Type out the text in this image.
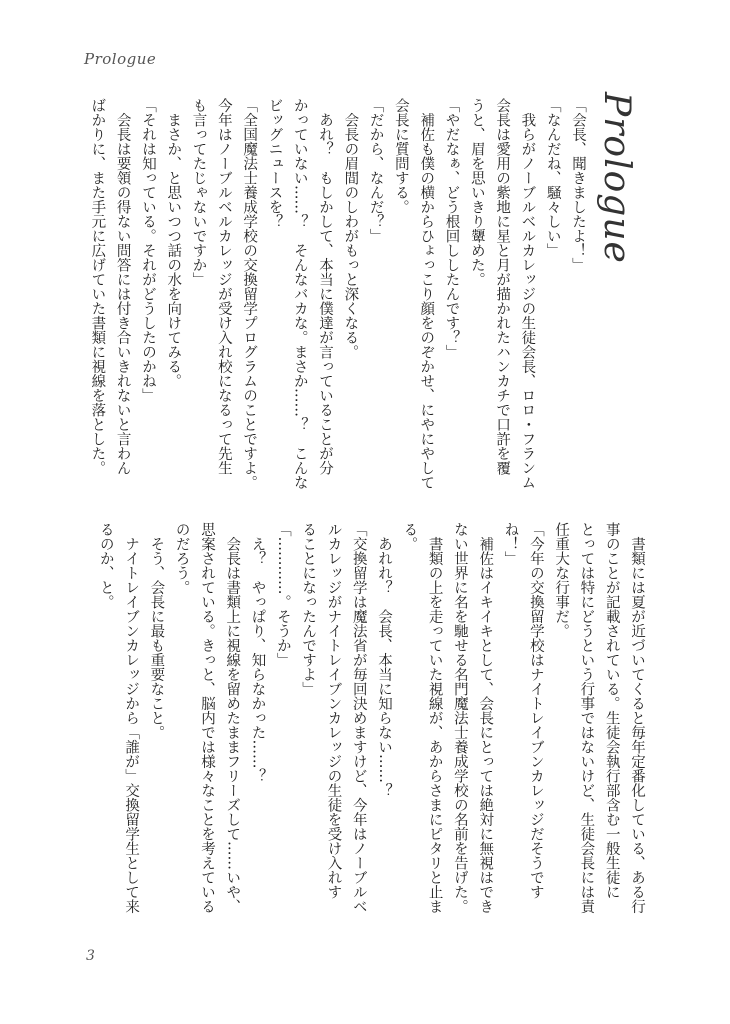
Prologue
Prologue
「会長、聞きましたよ！」
「なんだね、騒々しい」
　我らがノーブルベルカレッジの生徒会長、ロロ・フランム
会長は愛用の紫地に星と月が描かれたハンカチで口許を覆
うと、眉を思いきり顰めた。
「やだなぁ、どう根回ししたんです？」
　補佐も僕の横からひょっこり顔をのぞかせ、にやにやして
会長に質問する。
「だから、なんだ？」
　会長の眉間のしわがもっと深くなる。
　あれ？　もしかして、本当に僕達が言っていることが分
かっていない……？　そんなバカな。まさか……？　こんな
ビッグニュースを？
「全国魔法士養成学校の交換留学プログラムのことですよ。
今年はノーブルベルカレッジが受け入れ校になるって先生
も言ってたじゃないですか」
　まさか、と思いつつ話の水を向けてみる。
「それは知っている。それがどうしたのかね」
　会長は要領の得ない問答には付き合いきれないと言わん
ばかりに、また手元に広げていた書類に視線を落とした。
　書類には夏が近づいてくると毎年定番化している、ある行
事のことが記載されている。生徒会執行部含む一般生徒に
とっては特にどうという行事ではないけど、生徒会長には責
任重大な行事だ。
「今年の交換留学校はナイトレイブンカレッジだそうです
ね！」
　補佐はイキイキとして、会長にとっては絶対に無視はでき
ない世界に名を馳せる名門魔法士養成学校の名前を告げた。
　書類の上を走っていた視線が、あからさまにピタリと止ま
る。
　あれれ？　会長、本当に知らない……？
「交換留学は魔法省が毎回決めますけど、今年はノーブルベ
ルカレッジがナイトレイブンカレッジの生徒を受け入れす
ることになったんですよ」
「…………。そうか」
　え？　やっぱり、知らなかった……？
　会長は書類上に視線を留めたままフリーズして……いや、
思案されている。きっと、脳内では様々なことを考えている
のだろう。
　そう、会長に最も重要なこと。
　ナイトレイブンカレッジから「誰が」交換留学生として来
るのか、と。
3
